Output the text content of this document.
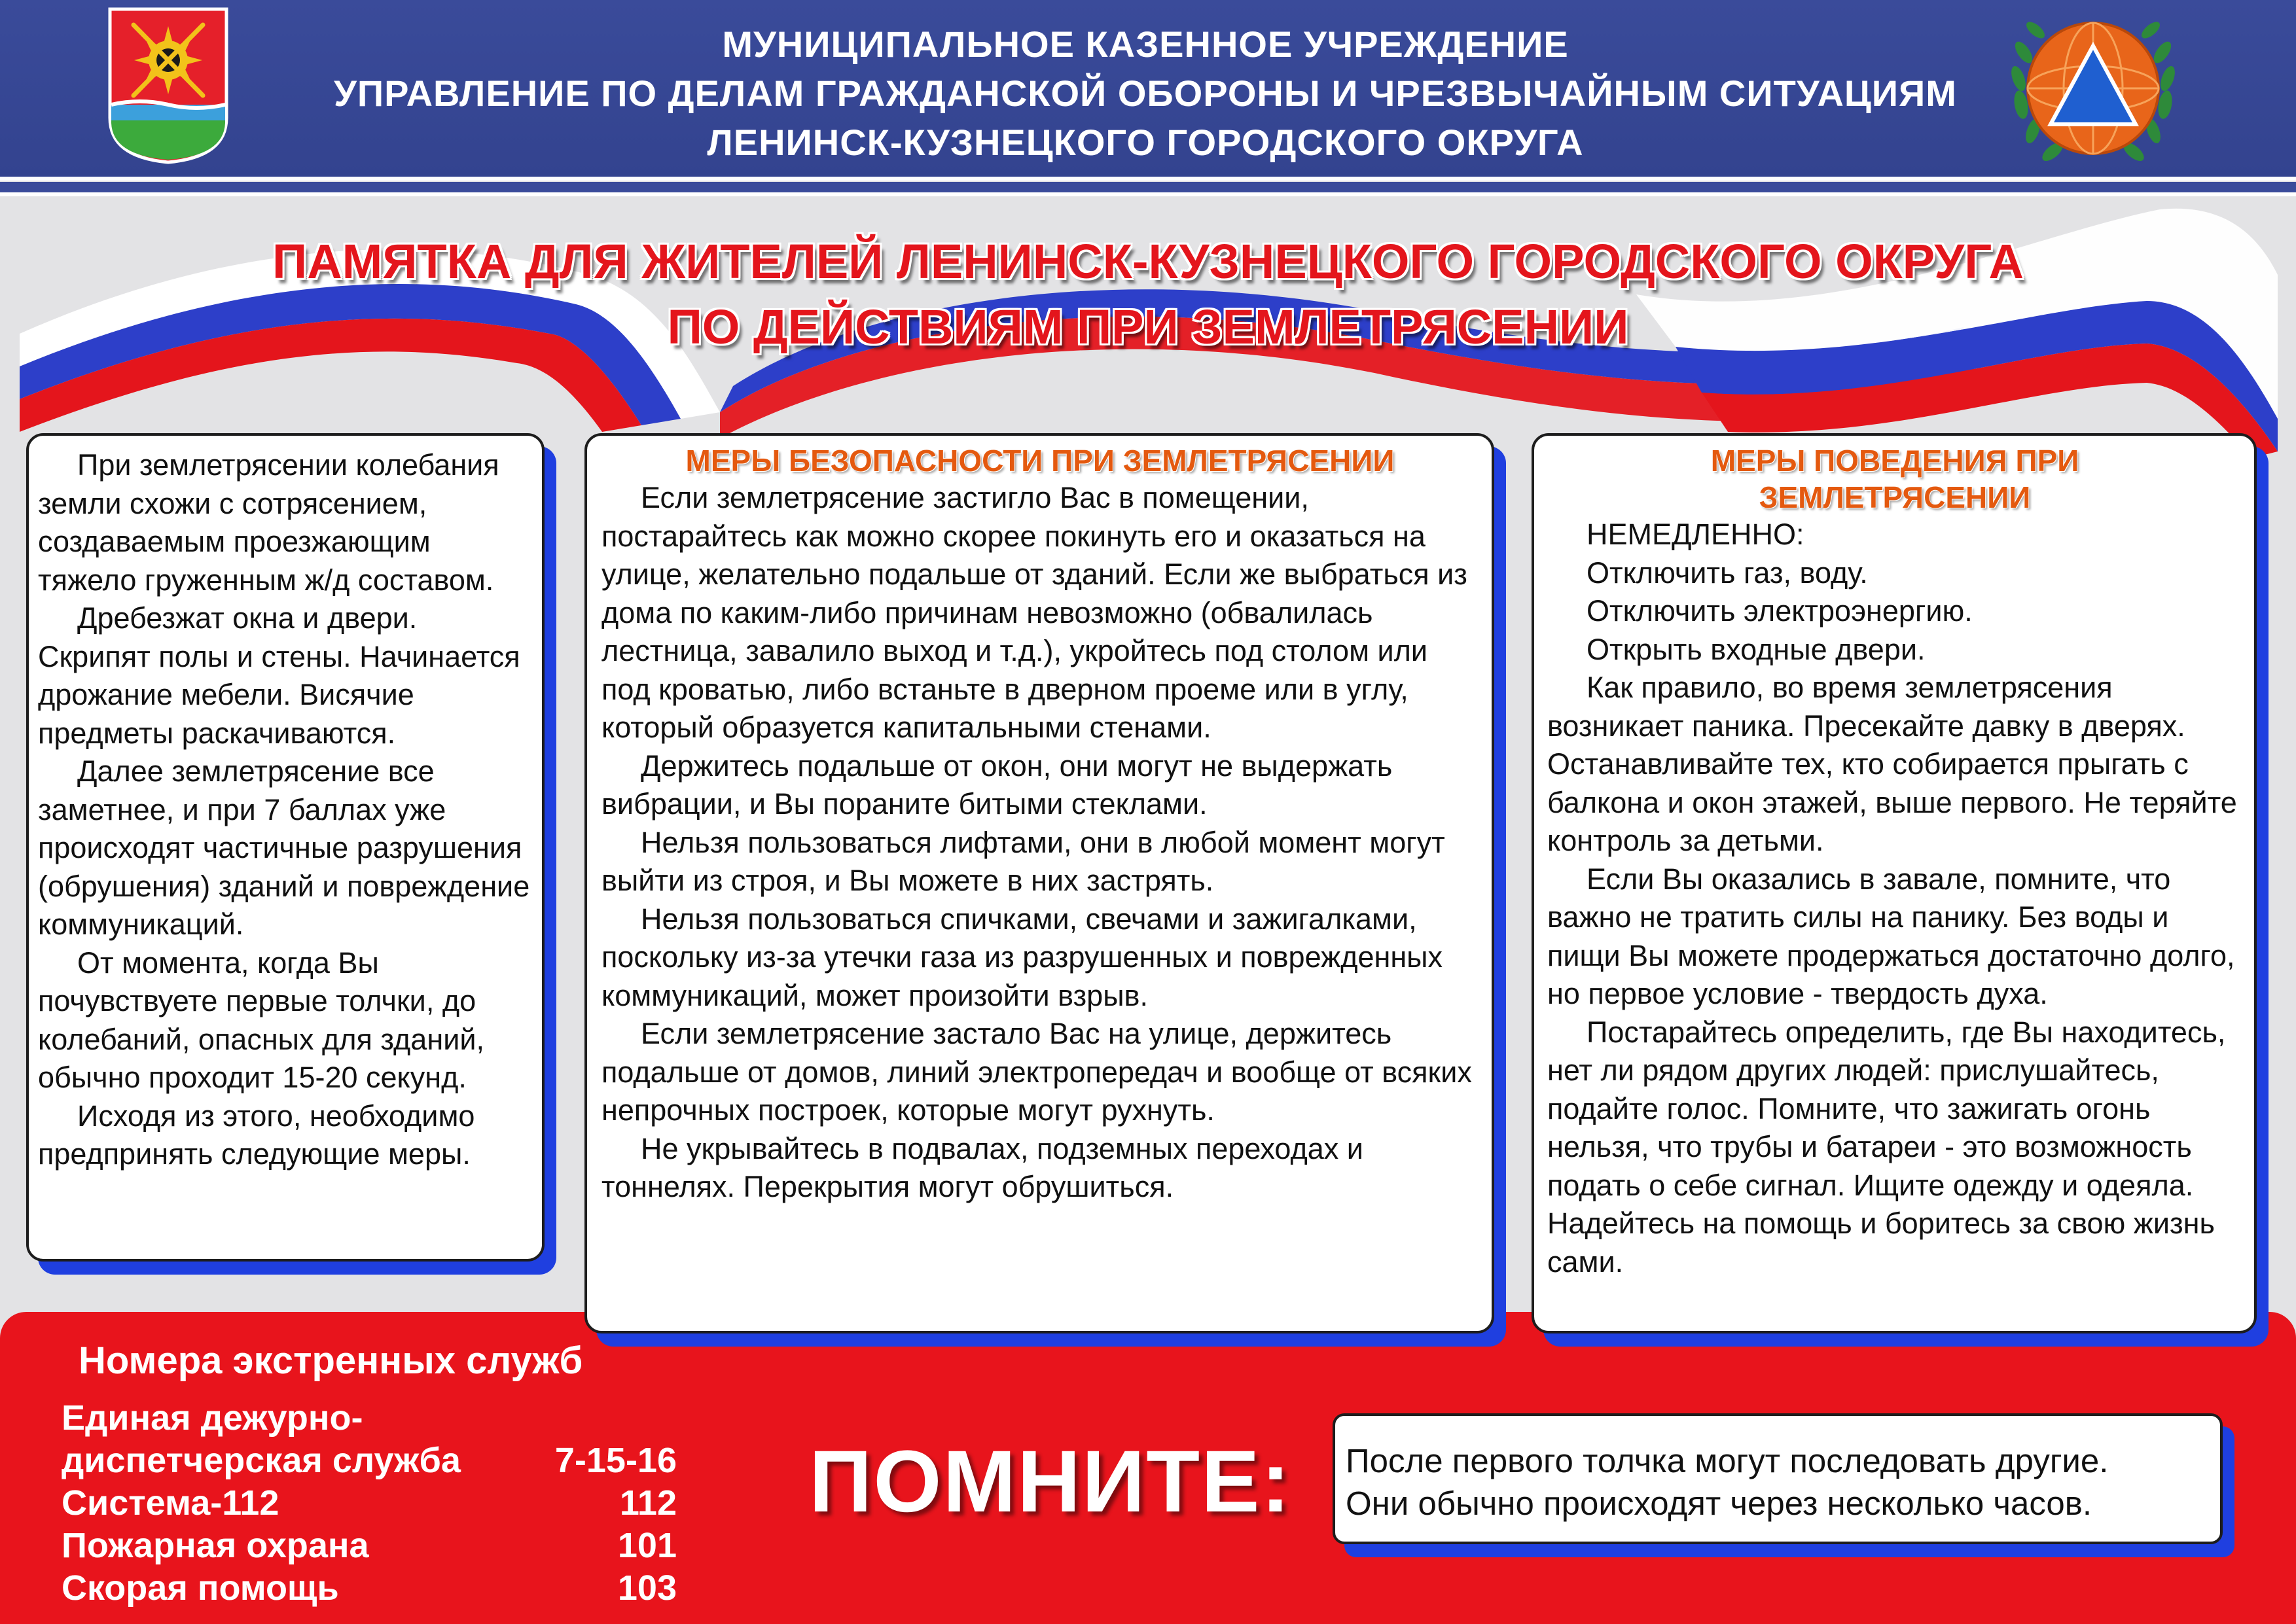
МУНИЦИПАЛЬНОЕ КАЗЕННОЕ УЧРЕЖДЕНИЕ
УПРАВЛЕНИЕ ПО ДЕЛАМ ГРАЖДАНСКОЙ ОБОРОНЫ И ЧРЕЗВЫЧАЙНЫМ СИТУАЦИЯМ
ЛЕНИНСК-КУЗНЕЦКОГО ГОРОДСКОГО ОКРУГА
ПАМЯТКА ДЛЯ ЖИТЕЛЕЙ ЛЕНИНСК-КУЗНЕЦКОГО ГОРОДСКОГО ОКРУГА
ПО ДЕЙСТВИЯМ ПРИ ЗЕМЛЕТРЯСЕНИИ

При землетрясении колебания земли схожи с сотрясением, создаваемым проезжающим тяжело груженным ж/д составом.

Дребезжат окна и двери. Скрипят полы и стены. Начинается дрожание мебели. Висячие предметы раскачиваются.

Далее землетрясение все заметнее, и при 7 баллах уже происходят частичные разрушения (обрушения) зданий и повреждение коммуникаций.

От момента, когда Вы почувствуете первые толчки, до колебаний, опасных для зданий, обычно проходит 15-20 секунд.

Исходя из этого, необходимо предпринять следующие меры.

МЕРЫ БЕЗОПАСНОСТИ ПРИ ЗЕМЛЕТРЯСЕНИИ

Если землетрясение застигло Вас в помещении, постарайтесь как можно скорее покинуть его и оказаться на улице, желательно подальше от зданий. Если же выбраться из дома по каким-либо причинам невозможно (обвалилась лестница, завалило выход и т.д.), укройтесь под столом или под кроватью, либо встаньте в дверном проеме или в углу, который образуется капитальными стенами.

Держитесь подальше от окон, они могут не выдержать вибрации, и Вы пораните битыми стеклами.

Нельзя пользоваться лифтами, они в любой момент могут выйти из строя, и Вы можете в них застрять.

Нельзя пользоваться спичками, свечами и зажигалками, поскольку из-за утечки газа из разрушенных и поврежденных коммуникаций, может произойти взрыв.

Если землетрясение застало Вас на улице, держитесь подальше от домов, линий электропередач и вообще от всяких непрочных построек, которые могут рухнуть.

Не укрывайтесь в подвалах, подземных переходах и тоннелях. Перекрытия могут обрушиться.

МЕРЫ ПОВЕДЕНИЯ ПРИ ЗЕМЛЕТРЯСЕНИИ

НЕМЕДЛЕННО:

Отключить газ, воду.

Отключить электроэнергию.

Открыть входные двери.

Как правило, во время землетрясения возникает паника. Пресекайте давку в дверях. Останавливайте тех, кто собирается прыгать с балкона и окон этажей, выше первого. Не теряйте контроль за детьми.

Если Вы оказались в завале, помните, что важно не тратить силы на панику. Без воды и пищи Вы можете продержаться достаточно долго, но первое условие - твердость духа.

Постарайтесь определить, где Вы находитесь, нет ли рядом других людей: прислушайтесь, подайте голос. Помните, что зажигать огонь нельзя, что трубы и батареи - это возможность подать о себе сигнал. Ищите одежду и одеяла. Надейтесь на помощь и боритесь за свою жизнь сами.

Номера экстренных служб
Единая дежурно-диспетчерская служба	7-15-16
Система-112	112
Пожарная охрана	101
Скорая помощь	103
ПОМНИТЕ: После первого толчка могут последовать другие.

Они обычно происходят через несколько часов.
